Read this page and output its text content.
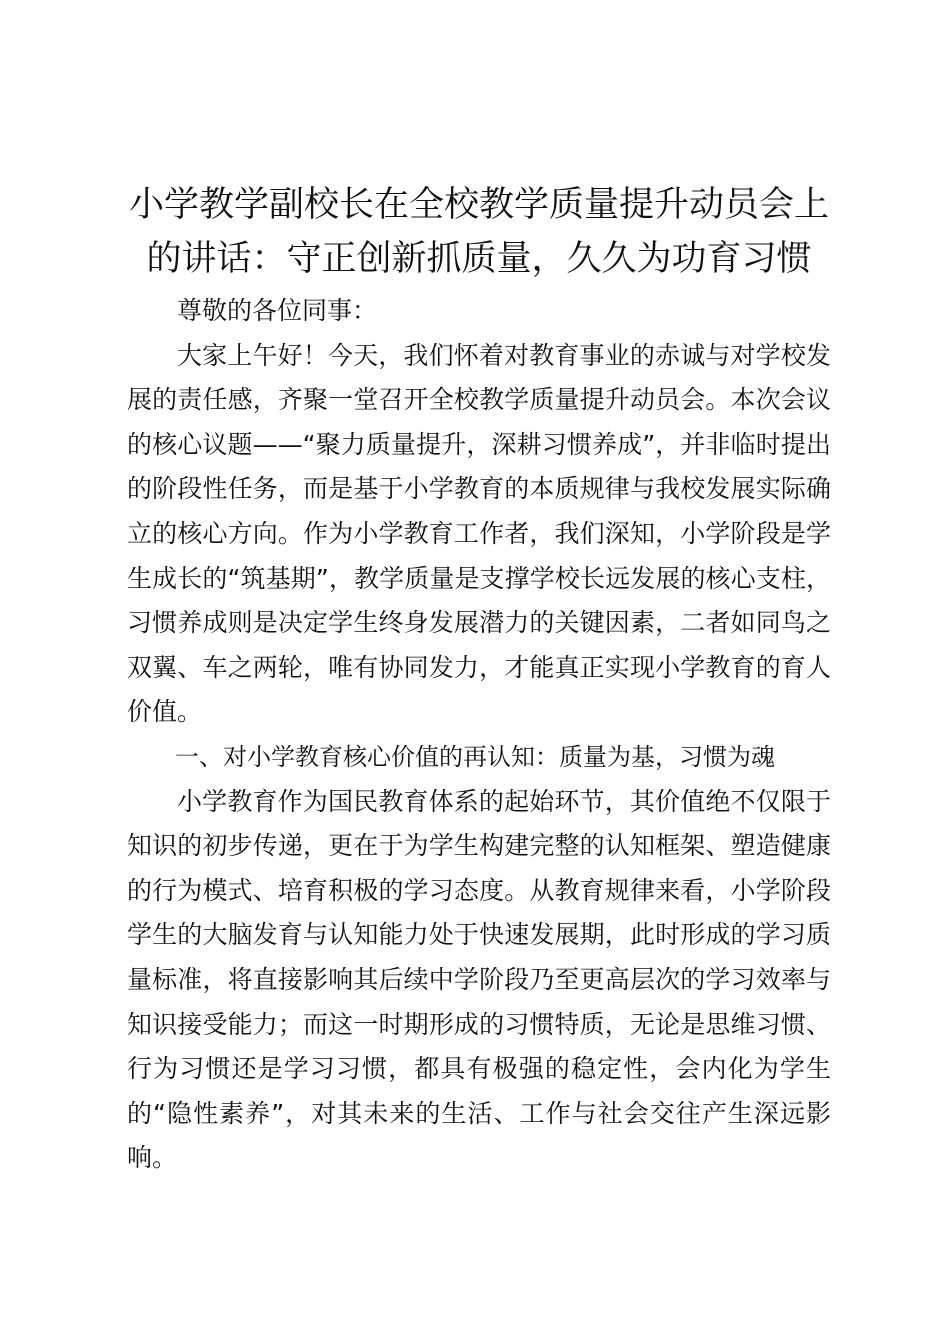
小学教学副校长在全校教学质量提升动员会上
的讲话：守正创新抓质量，久久为功育习惯

尊敬的各位同事：

大家上午好！今天，我们怀着对教育事业的赤诚与对学校发展的责任感，齐聚一堂召开全校教学质量提升动员会。本次会议的核心议题——“聚力质量提升，深耕习惯养成”，并非临时提出的阶段性任务，而是基于小学教育的本质规律与我校发展实际确立的核心方向。作为小学教育工作者，我们深知，小学阶段是学生成长的“筑基期”，教学质量是支撑学校长远发展的核心支柱，习惯养成则是决定学生终身发展潜力的关键因素，二者如同鸟之双翼、车之两轮，唯有协同发力，才能真正实现小学教育的育人价值。

一、对小学教育核心价值的再认知：质量为基，习惯为魂

小学教育作为国民教育体系的起始环节，其价值绝不仅限于知识的初步传递，更在于为学生构建完整的认知框架、塑造健康的行为模式、培育积极的学习态度。从教育规律来看，小学阶段学生的大脑发育与认知能力处于快速发展期，此时形成的学习质量标准，将直接影响其后续中学阶段乃至更高层次的学习效率与知识接受能力；而这一时期形成的习惯特质，无论是思维习惯、行为习惯还是学习习惯，都具有极强的稳定性，会内化为学生的“隐性素养”，对其未来的生活、工作与社会交往产生深远影响。
